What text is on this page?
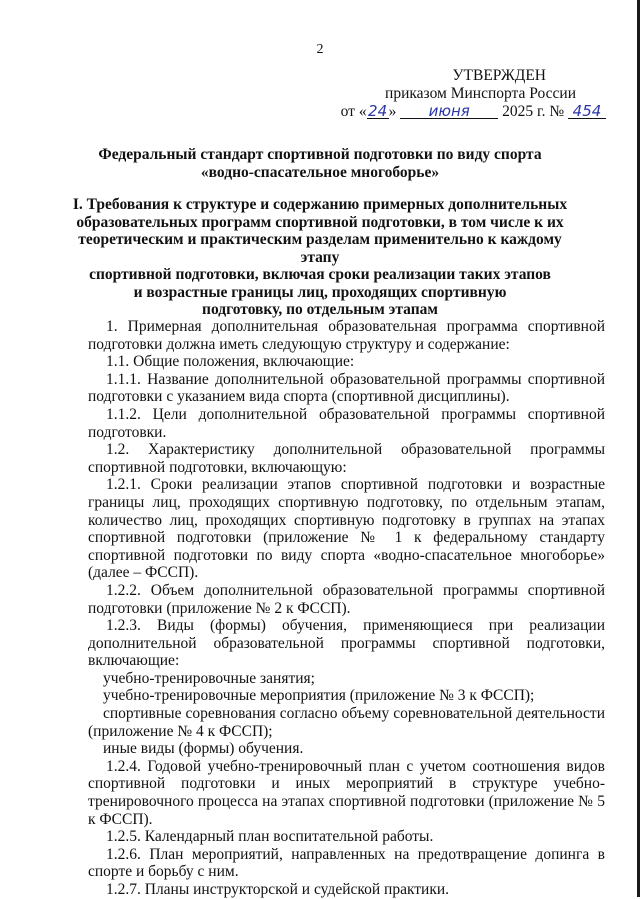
2
УТВЕРЖДЕН
приказом Минспорта России
от «24» июня 2025 г. № 454
Федеральный стандарт спортивной подготовки по виду спорта
«водно-спасательное многоборье»
I. Требования к структуре и содержанию примерных дополнительных
образовательных программ спортивной подготовки, в том числе к их
теоретическим и практическим разделам применительно к каждому этапу
спортивной подготовки, включая сроки реализации таких этапов
и возрастные границы лиц, проходящих спортивную
подготовку, по отдельным этапам

1. Примерная дополнительная образовательная программа спортивной подготовки должна иметь следующую структуру и содержание:

1.1. Общие положения, включающие:

1.1.1. Название дополнительной образовательной программы спортивной подготовки с указанием вида спорта (спортивной дисциплины).

1.1.2. Цели дополнительной образовательной программы спортивной подготовки.

1.2. Характеристику дополнительной образовательной программы спортивной подготовки, включающую:

1.2.1. Сроки реализации этапов спортивной подготовки и возрастные границы лиц, проходящих спортивную подготовку, по отдельным этапам, количество лиц, проходящих спортивную подготовку в группах на этапах спортивной подготовки (приложение № 1 к федеральному стандарту спортивной подготовки по виду спорта «водно-спасательное многоборье» (далее – ФССП).

1.2.2. Объем дополнительной образовательной программы спортивной подготовки (приложение № 2 к ФССП).

1.2.3. Виды (формы) обучения, применяющиеся при реализации дополнительной образовательной программы спортивной подготовки, включающие:

учебно-тренировочные занятия;

учебно-тренировочные мероприятия (приложение № 3 к ФССП);

спортивные соревнования согласно объему соревновательной деятельности (приложение № 4 к ФССП);

иные виды (формы) обучения.

1.2.4. Годовой учебно-тренировочный план с учетом соотношения видов спортивной подготовки и иных мероприятий в структуре учебно-тренировочного процесса на этапах спортивной подготовки (приложение № 5 к ФССП).

1.2.5. Календарный план воспитательной работы.

1.2.6. План мероприятий, направленных на предотвращение допинга в спорте и борьбу с ним.

1.2.7. Планы инструкторской и судейской практики.
